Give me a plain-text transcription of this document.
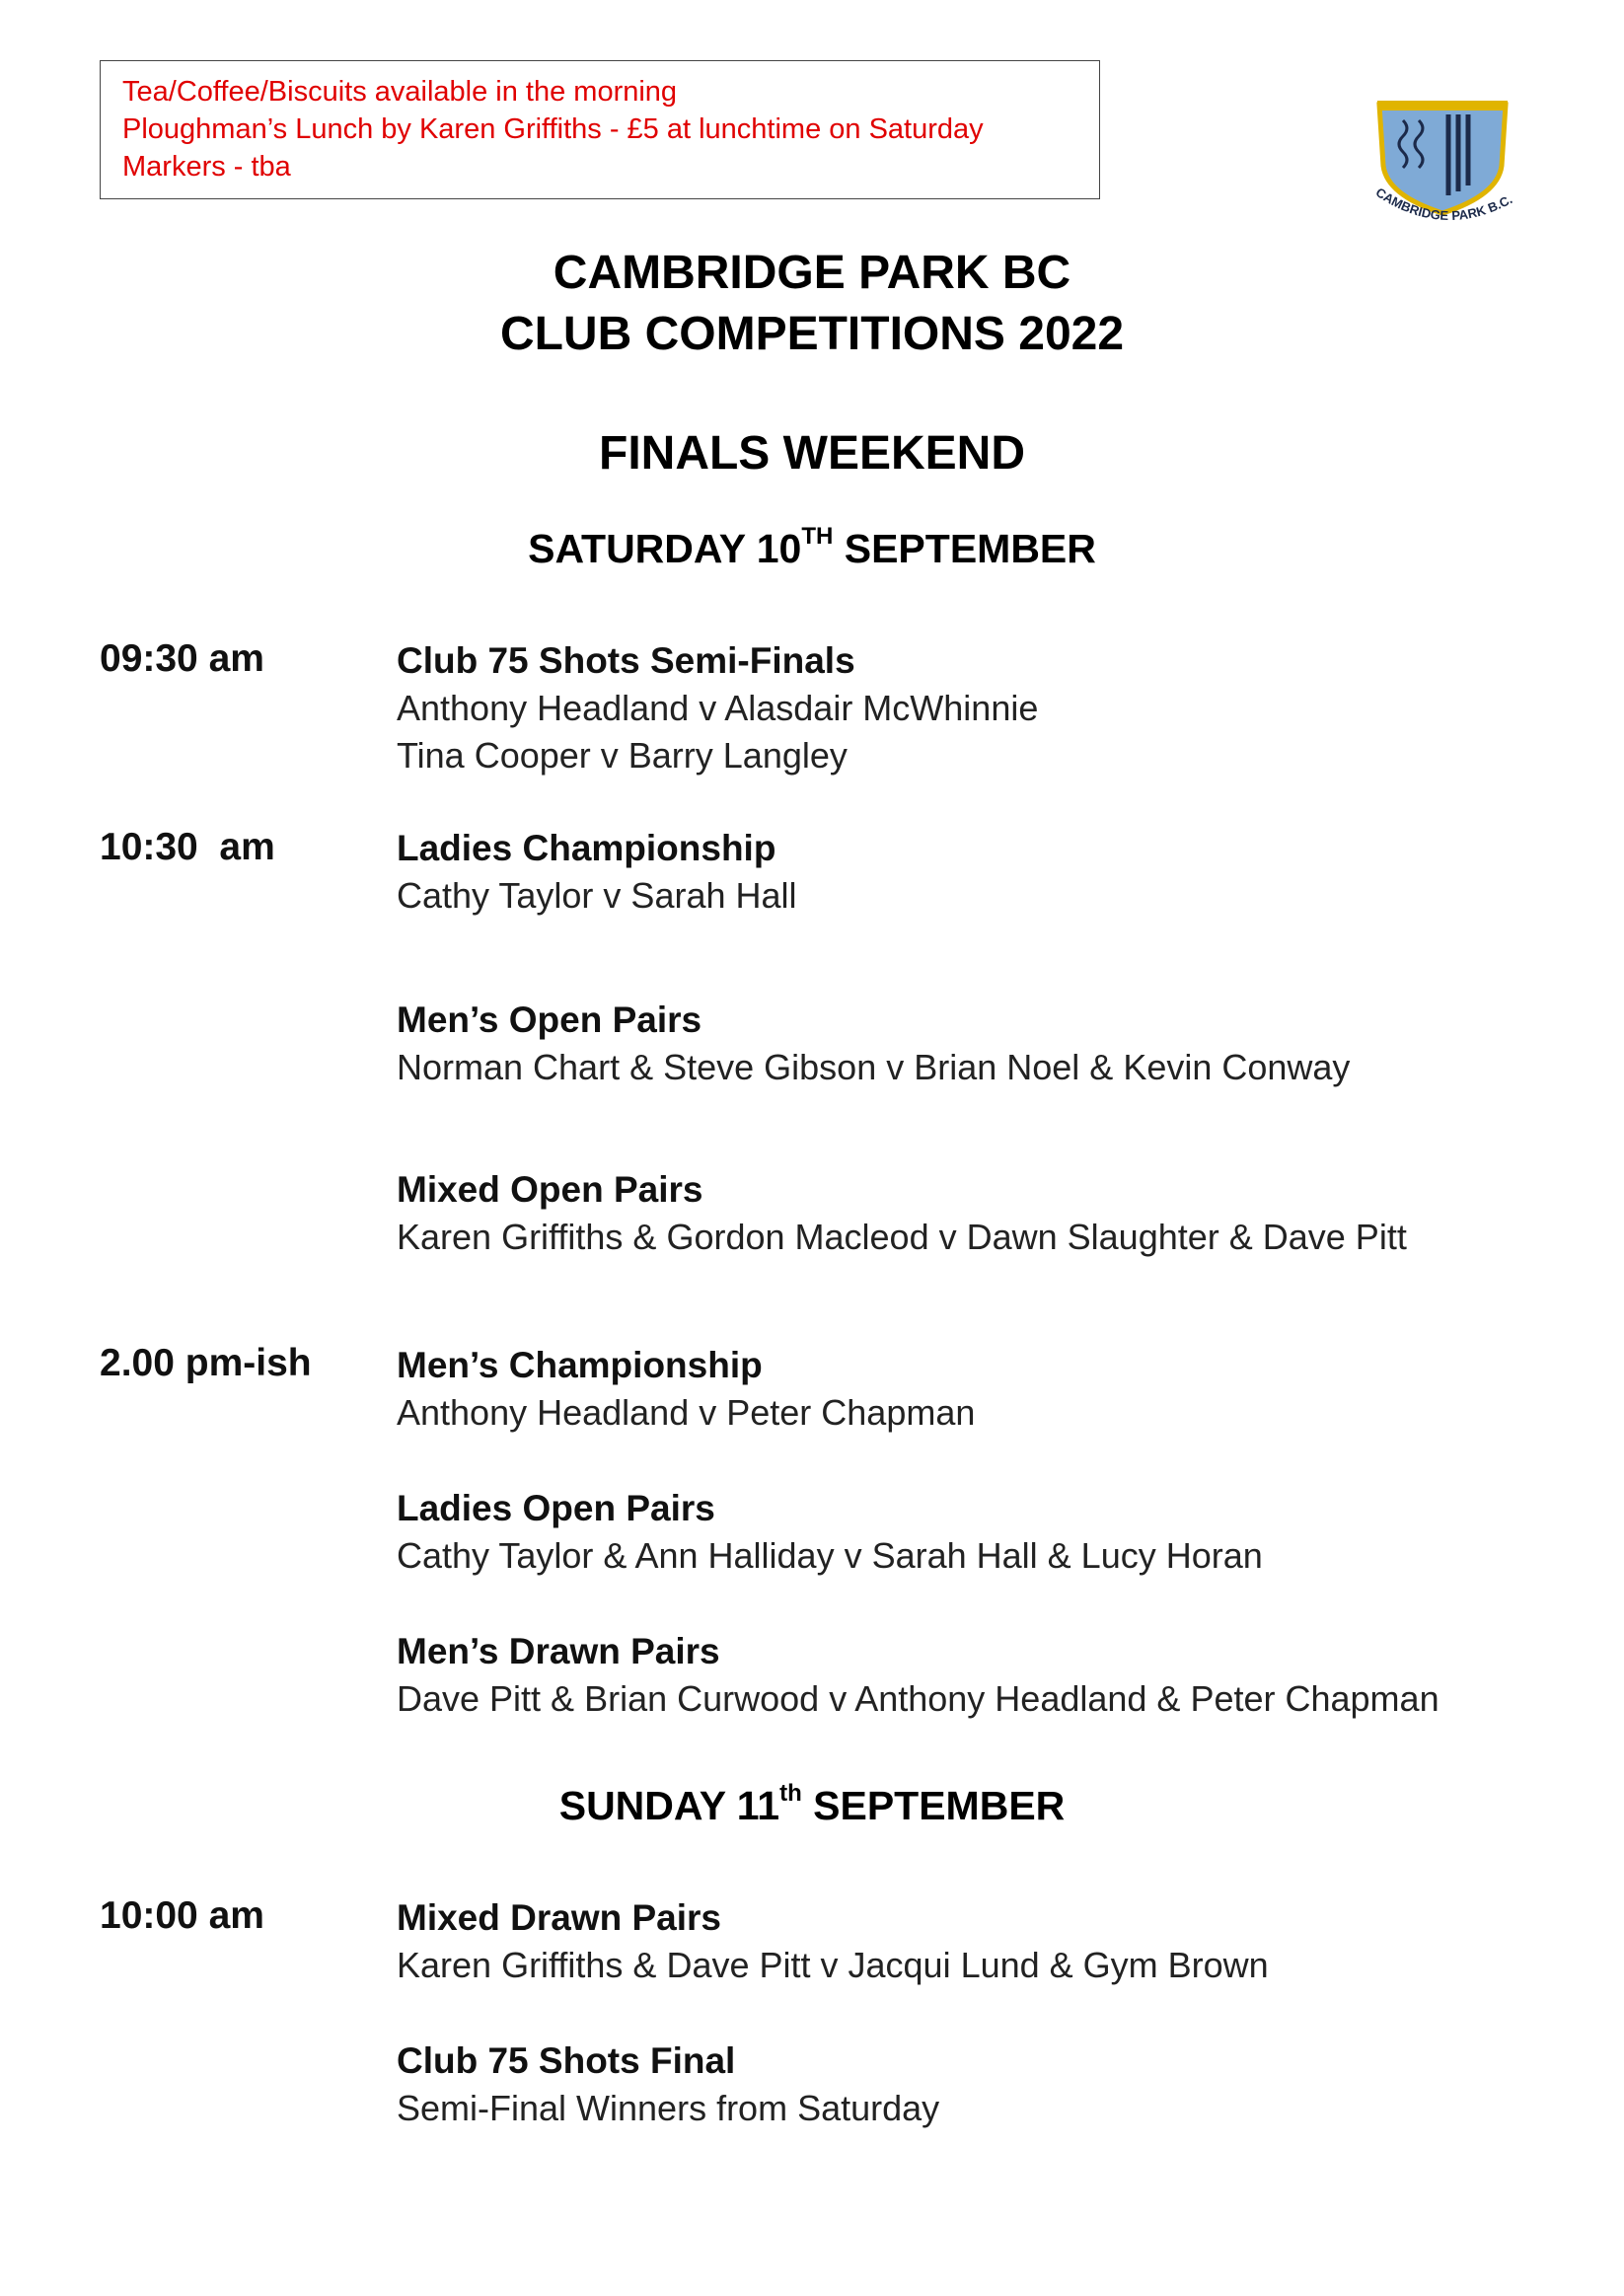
Tea/Coffee/Biscuits available in the morning

Ploughman’s Lunch by Karen Griffiths - £5 at lunchtime on Saturday

Markers - tba

CAMBRIDGE PARK B.C.
CAMBRIDGE PARK BC
CLUB COMPETITIONS 2022
FINALS WEEKEND
SATURDAY 10TH SEPTEMBER
09:30 am	Club 75 Shots Semi-Finals
Anthony Headland v Alasdair McWhinnie
Tina Cooper v Barry Langley
10:30  am	Ladies Championship
Cathy Taylor v Sarah Hall
Men’s Open Pairs
Norman Chart & Steve Gibson v Brian Noel & Kevin Conway
Mixed Open Pairs
Karen Griffiths & Gordon Macleod v Dawn Slaughter & Dave Pitt
2.00 pm-ish Men’s Championship
Anthony Headland v Peter Chapman
Ladies Open Pairs
Cathy Taylor & Ann Halliday v Sarah Hall & Lucy Horan
Men’s Drawn Pairs
Dave Pitt & Brian Curwood v Anthony Headland & Peter Chapman
SUNDAY 11th SEPTEMBER
10:00 am	Mixed Drawn Pairs
Karen Griffiths & Dave Pitt v Jacqui Lund & Gym Brown
Club 75 Shots Final
Semi-Final Winners from Saturday
